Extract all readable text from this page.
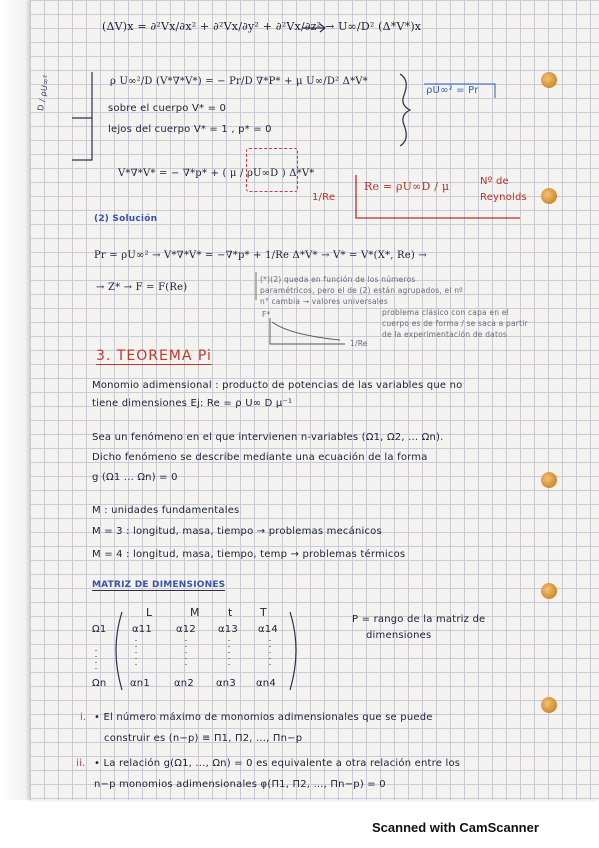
(ΔV)x = ∂²Vx/∂x² + ∂²Vx/∂y² + ∂²Vx/∂z² → U∞/D² (Δ*V*)x
D / ρU∞²	ρ U∞²/D (V*∇*V*) = − Pr/D ∇*P* + μ U∞/D² Δ*V*
sobre el cuerpo V* = 0
lejos del cuerpo V* = 1 , p* = 0
ρU∞² = Pr
V*∇*V* = − ∇*p* + ( μ / ρU∞D ) Δ*V*
1/Re
Re = ρU∞D / μ	Nº de
Reynolds
(2) Solución
Pr = ρU∞² → V*∇*V* = −∇*p* + 1/Re Δ*V* → V* = V*(X*, Re) →
→ Z* → F = F(Re)
(*)(2) queda en función de los números
paramétricos, pero el de (2) están agrupados, el nº
n° cambia → valores universales
problema clásico con capa en el
cuerpo es de forma / se saca a partir
de la experimentación de datos
F*
1/Re
3. TEOREMA Pi
Monomio adimensional : producto de potencias de las variables que no
tiene dimensiones Ej: Re = ρ U∞ D μ⁻¹
Sea un fenómeno en el que intervienen n-variables (Ω1, Ω2, ... Ωn).
Dicho fenómeno se describe mediante una ecuación de la forma
g (Ω1 ... Ωn) = 0
M : unidades fundamentales
M = 3 : longitud, masa, tiempo → problemas mecánicos
M = 4 : longitud, masa, tiempo, temp → problemas térmicos
MATRIZ DE DIMENSIONES
L	M	t T
Ω1	α11 α12 α13 α14
Ωn αn1 αn2 αn3 αn4
P = rango de la matriz de
dimensiones
i. • El número máximo de monomios adimensionales que se puede
construir es (n−p) ≡ Π1, Π2, ..., Πn−p
ii. • La relación g(Ω1, ..., Ωn) = 0 es equivalente a otra relación entre los
n−p monomios adimensionales φ(Π1, Π2, ..., Πn−p) = 0
Scanned with CamScanner
